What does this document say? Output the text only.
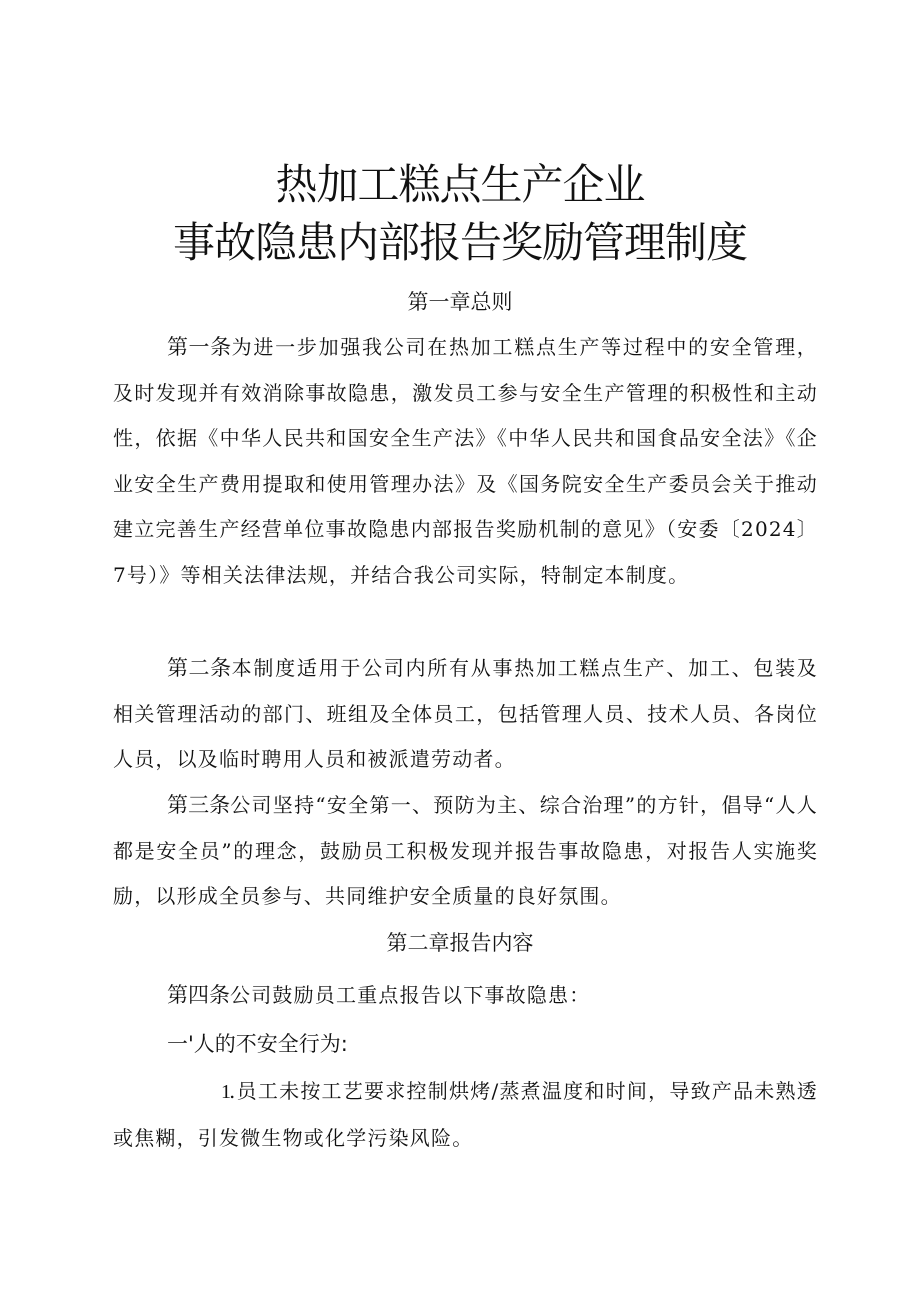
热加工糕点生产企业
事故隐患内部报告奖励管理制度
第一章总则

第一条为进一步加强我公司在热加工糕点生产等过程中的安全管理，及时发现并有效消除事故隐患，激发员工参与安全生产管理的积极性和主动性，依据《中华人民共和国安全生产法》《中华人民共和国食品安全法》《企业安全生产费用提取和使用管理办法》及《国务院安全生产委员会关于推动建立完善生产经营单位事故隐患内部报告奖励机制的意见》（安委〔2024〕7号）》等相关法律法规，并结合我公司实际，特制定本制度。

第二条本制度适用于公司内所有从事热加工糕点生产、加工、包装及相关管理活动的部门、班组及全体员工，包括管理人员、技术人员、各岗位人员，以及临时聘用人员和被派遣劳动者。

第三条公司坚持“安全第一、预防为主、综合治理”的方针，倡导“人人都是安全员”的理念，鼓励员工积极发现并报告事故隐患，对报告人实施奖励，以形成全员参与、共同维护安全质量的良好氛围。

第二章报告内容

第四条公司鼓励员工重点报告以下事故隐患：

一'人的不安全行为:

1.员工未按工艺要求控制烘烤/蒸煮温度和时间，导致产品未熟透或焦糊，引发微生物或化学污染风险。
